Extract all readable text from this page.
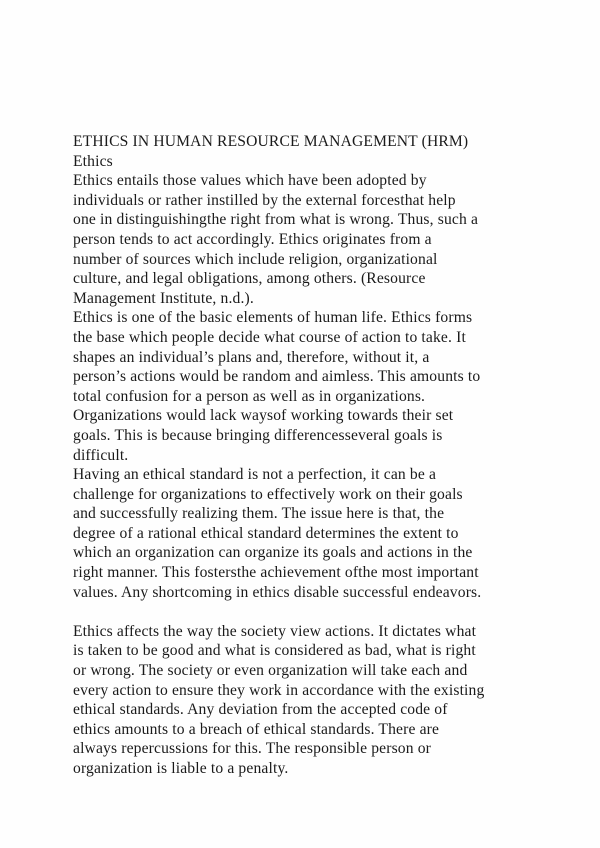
ETHICS IN HUMAN RESOURCE MANAGEMENT (HRM)
Ethics
Ethics entails those values which have been adopted by
individuals or rather instilled by the external forcesthat help
one in distinguishingthe right from what is wrong. Thus, such a
person tends to act accordingly. Ethics originates from a
number of sources which include religion, organizational
culture, and legal obligations, among others. (Resource
Management Institute, n.d.).
Ethics is one of the basic elements of human life. Ethics forms
the base which people decide what course of action to take. It
shapes an individual’s plans and, therefore, without it, a
person’s actions would be random and aimless. This amounts to
total confusion for a person as well as in organizations.
Organizations would lack waysof working towards their set
goals. This is because bringing differencesseveral goals is
difficult.
Having an ethical standard is not a perfection, it can be a
challenge for organizations to effectively work on their goals
and successfully realizing them. The issue here is that, the
degree of a rational ethical standard determines the extent to
which an organization can organize its goals and actions in the
right manner. This fostersthe achievement ofthe most important
values. Any shortcoming in ethics disable successful endeavors.
Ethics affects the way the society view actions. It dictates what
is taken to be good and what is considered as bad, what is right
or wrong. The society or even organization will take each and
every action to ensure they work in accordance with the existing
ethical standards. Any deviation from the accepted code of
ethics amounts to a breach of ethical standards. There are
always repercussions for this. The responsible person or
organization is liable to a penalty.
